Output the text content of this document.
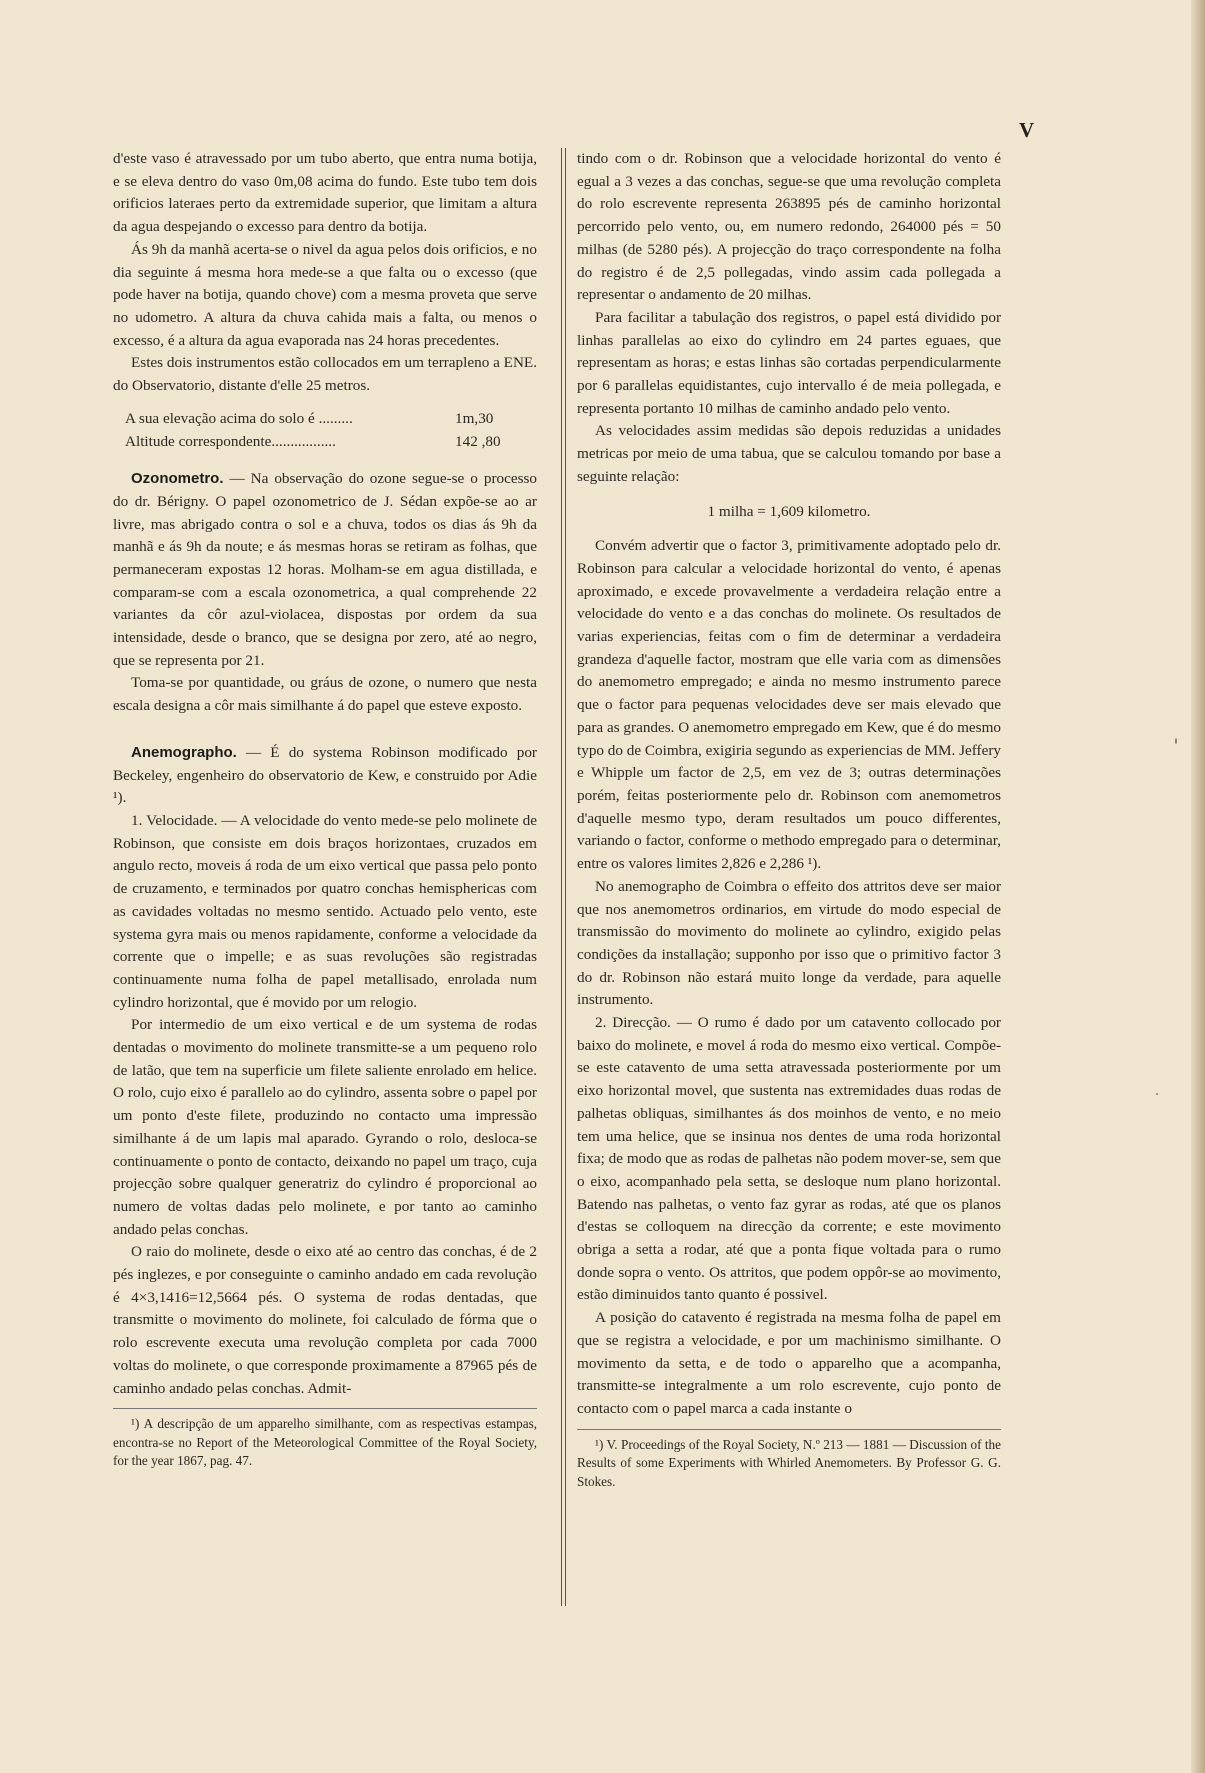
V

d'este vaso é atravessado por um tubo aberto, que entra numa botija, e se eleva dentro do vaso 0m,08 acima do fundo. Este tubo tem dois orificios lateraes perto da extremidade superior, que limitam a altura da agua despejando o excesso para dentro da botija.

Ás 9h da manhã acerta-se o nivel da agua pelos dois orificios, e no dia seguinte á mesma hora mede-se a que falta ou o excesso (que pode haver na botija, quando chove) com a mesma proveta que serve no udometro. A altura da chuva cahida mais a falta, ou menos o excesso, é a altura da agua evaporada nas 24 horas precedentes.

Estes dois instrumentos estão collocados em um terrapleno a ENE. do Observatorio, distante d'elle 25 metros.

A sua elevação acima do solo é .........	1m,30
Altitude correspondente.................	142 ,80

Ozonometro. — Na observação do ozone segue-se o processo do dr. Bérigny. O papel ozonometrico de J. Sédan expõe-se ao ar livre, mas abrigado contra o sol e a chuva, todos os dias ás 9h da manhã e ás 9h da noute; e ás mesmas horas se retiram as folhas, que permaneceram expostas 12 horas. Molham-se em agua distillada, e comparam-se com a escala ozonometrica, a qual comprehende 22 variantes da côr azul-violacea, dispostas por ordem da sua intensidade, desde o branco, que se designa por zero, até ao negro, que se representa por 21.

Toma-se por quantidade, ou gráus de ozone, o numero que nesta escala designa a côr mais similhante á do papel que esteve exposto.

Anemographo. — É do systema Robinson modificado por Beckeley, engenheiro do observatorio de Kew, e construido por Adie ¹).

1. Velocidade. — A velocidade do vento mede-se pelo molinete de Robinson, que consiste em dois braços horizontaes, cruzados em angulo recto, moveis á roda de um eixo vertical que passa pelo ponto de cruzamento, e terminados por quatro conchas hemisphericas com as cavidades voltadas no mesmo sentido. Actuado pelo vento, este systema gyra mais ou menos rapidamente, conforme a velocidade da corrente que o impelle; e as suas revoluções são registradas continuamente numa folha de papel metallisado, enrolada num cylindro horizontal, que é movido por um relogio.

Por intermedio de um eixo vertical e de um systema de rodas dentadas o movimento do molinete transmitte-se a um pequeno rolo de latão, que tem na superficie um filete saliente enrolado em helice. O rolo, cujo eixo é parallelo ao do cylindro, assenta sobre o papel por um ponto d'este filete, produzindo no contacto uma impressão similhante á de um lapis mal aparado. Gyrando o rolo, desloca-se continuamente o ponto de contacto, deixando no papel um traço, cuja projecção sobre qualquer generatriz do cylindro é proporcional ao numero de voltas dadas pelo molinete, e por tanto ao caminho andado pelas conchas.

O raio do molinete, desde o eixo até ao centro das conchas, é de 2 pés inglezes, e por conseguinte o caminho andado em cada revolução é 4×3,1416=12,5664 pés. O systema de rodas dentadas, que transmitte o movimento do molinete, foi calculado de fórma que o rolo escrevente executa uma revolução completa por cada 7000 voltas do molinete, o que corresponde proximamente a 87965 pés de caminho andado pelas conchas. Admit-

¹) A descripção de um apparelho similhante, com as respectivas estampas, encontra-se no Report of the Meteorological Committee of the Royal Society, for the year 1867, pag. 47.

tindo com o dr. Robinson que a velocidade horizontal do vento é egual a 3 vezes a das conchas, segue-se que uma revolução completa do rolo escrevente representa 263895 pés de caminho horizontal percorrido pelo vento, ou, em numero redondo, 264000 pés = 50 milhas (de 5280 pés). A projecção do traço correspondente na folha do registro é de 2,5 pollegadas, vindo assim cada pollegada a representar o andamento de 20 milhas.

Para facilitar a tabulação dos registros, o papel está dividido por linhas parallelas ao eixo do cylindro em 24 partes eguaes, que representam as horas; e estas linhas são cortadas perpendicularmente por 6 parallelas equidistantes, cujo intervallo é de meia pollegada, e representa portanto 10 milhas de caminho andado pelo vento.

As velocidades assim medidas são depois reduzidas a unidades metricas por meio de uma tabua, que se calculou tomando por base a seguinte relação:

1 milha = 1,609 kilometro.

Convém advertir que o factor 3, primitivamente adoptado pelo dr. Robinson para calcular a velocidade horizontal do vento, é apenas aproximado, e excede provavelmente a verdadeira relação entre a velocidade do vento e a das conchas do molinete. Os resultados de varias experiencias, feitas com o fim de determinar a verdadeira grandeza d'aquelle factor, mostram que elle varia com as dimensões do anemometro empregado; e ainda no mesmo instrumento parece que o factor para pequenas velocidades deve ser mais elevado que para as grandes. O anemometro empregado em Kew, que é do mesmo typo do de Coimbra, exigiria segundo as experiencias de MM. Jeffery e Whipple um factor de 2,5, em vez de 3; outras determinações porém, feitas posteriormente pelo dr. Robinson com anemometros d'aquelle mesmo typo, deram resultados um pouco differentes, variando o factor, conforme o methodo empregado para o determinar, entre os valores limites 2,826 e 2,286 ¹).

No anemographo de Coimbra o effeito dos attritos deve ser maior que nos anemometros ordinarios, em virtude do modo especial de transmissão do movimento do molinete ao cylindro, exigido pelas condições da installação; supponho por isso que o primitivo factor 3 do dr. Robinson não estará muito longe da verdade, para aquelle instrumento.

2. Direcção. — O rumo é dado por um catavento collocado por baixo do molinete, e movel á roda do mesmo eixo vertical. Compõe-se este catavento de uma setta atravessada posteriormente por um eixo horizontal movel, que sustenta nas extremidades duas rodas de palhetas obliquas, similhantes ás dos moinhos de vento, e no meio tem uma helice, que se insinua nos dentes de uma roda horizontal fixa; de modo que as rodas de palhetas não podem mover-se, sem que o eixo, acompanhado pela setta, se desloque num plano horizontal. Batendo nas palhetas, o vento faz gyrar as rodas, até que os planos d'estas se colloquem na direcção da corrente; e este movimento obriga a setta a rodar, até que a ponta fique voltada para o rumo donde sopra o vento. Os attritos, que podem oppôr-se ao movimento, estão diminuidos tanto quanto é possivel.

A posição do catavento é registrada na mesma folha de papel em que se registra a velocidade, e por um machinismo similhante. O movimento da setta, e de todo o apparelho que a acompanha, transmitte-se integralmente a um rolo escrevente, cujo ponto de contacto com o papel marca a cada instante o

¹) V. Proceedings of the Royal Society, N.º 213 — 1881 — Discussion of the Results of some Experiments with Whirled Anemometers. By Professor G. G. Stokes.
